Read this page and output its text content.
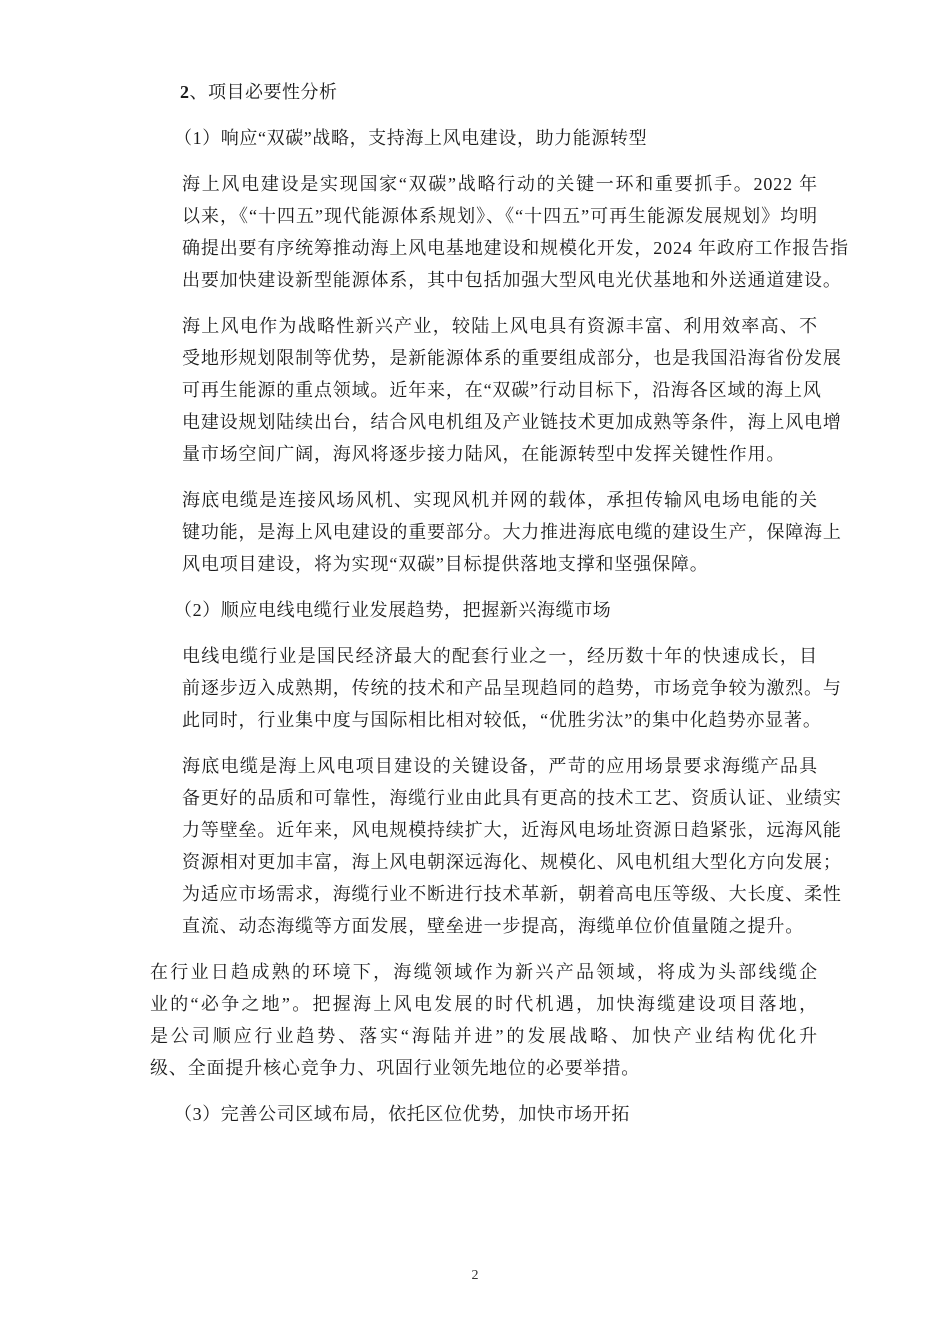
2、项目必要性分析
（1）响应“双碳”战略，支持海上风电建设，助力能源转型
海上风电建设是实现国家“双碳”战略行动的关键一环和重要抓手。2022 年
以来，《“十四五”现代能源体系规划》、《“十四五”可再生能源发展规划》均明
确提出要有序统筹推动海上风电基地建设和规模化开发，2024 年政府工作报告指
出要加快建设新型能源体系，其中包括加强大型风电光伏基地和外送通道建设。
海上风电作为战略性新兴产业，较陆上风电具有资源丰富、利用效率高、不
受地形规划限制等优势，是新能源体系的重要组成部分，也是我国沿海省份发展
可再生能源的重点领域。近年来，在“双碳”行动目标下，沿海各区域的海上风
电建设规划陆续出台，结合风电机组及产业链技术更加成熟等条件，海上风电增
量市场空间广阔，海风将逐步接力陆风，在能源转型中发挥关键性作用。
海底电缆是连接风场风机、实现风机并网的载体，承担传输风电场电能的关
键功能，是海上风电建设的重要部分。大力推进海底电缆的建设生产，保障海上
风电项目建设，将为实现“双碳”目标提供落地支撑和坚强保障。
（2）顺应电线电缆行业发展趋势，把握新兴海缆市场
电线电缆行业是国民经济最大的配套行业之一，经历数十年的快速成长，目
前逐步迈入成熟期，传统的技术和产品呈现趋同的趋势，市场竞争较为激烈。与
此同时，行业集中度与国际相比相对较低，“优胜劣汰”的集中化趋势亦显著。
海底电缆是海上风电项目建设的关键设备，严苛的应用场景要求海缆产品具
备更好的品质和可靠性，海缆行业由此具有更高的技术工艺、资质认证、业绩实
力等壁垒。近年来，风电规模持续扩大，近海风电场址资源日趋紧张，远海风能
资源相对更加丰富，海上风电朝深远海化、规模化、风电机组大型化方向发展；
为适应市场需求，海缆行业不断进行技术革新，朝着高电压等级、大长度、柔性
直流、动态海缆等方面发展，壁垒进一步提高，海缆单位价值量随之提升。
在行业日趋成熟的环境下，海缆领域作为新兴产品领域，将成为头部线缆企
业的“必争之地”。把握海上风电发展的时代机遇，加快海缆建设项目落地，
是公司顺应行业趋势、落实“海陆并进”的发展战略、加快产业结构优化升
级、全面提升核心竞争力、巩固行业领先地位的必要举措。
（3）完善公司区域布局，依托区位优势，加快市场开拓
2
